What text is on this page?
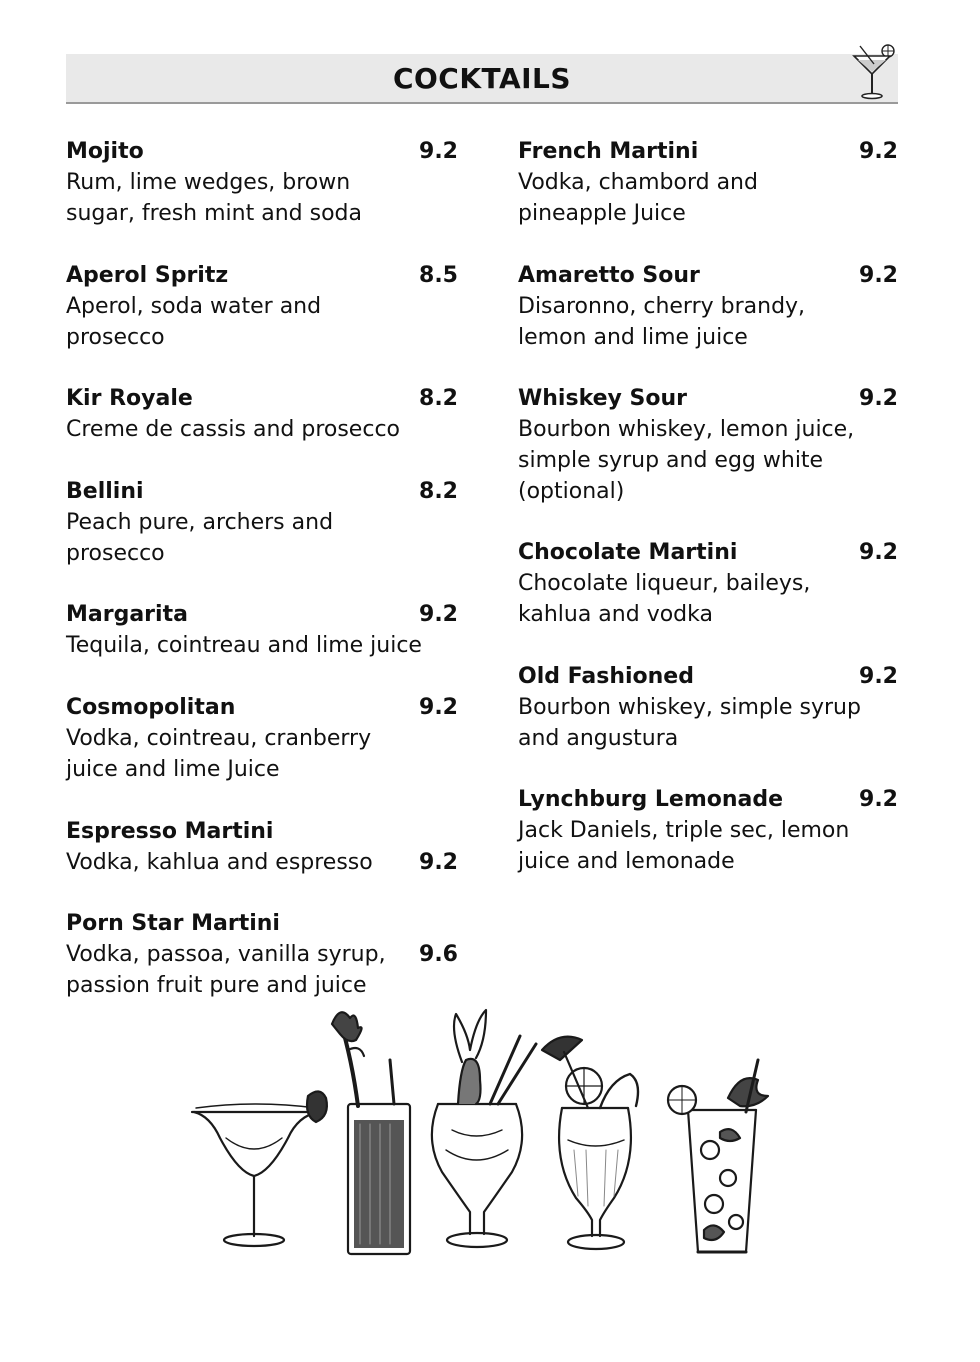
COCKTAILS
Mojito	9.2
Rum, lime wedges, brown sugar, fresh mint and soda
Aperol Spritz	8.5
Aperol, soda water and prosecco
Kir Royale	8.2
Creme de cassis and prosecco
Bellini	8.2
Peach pure, archers and prosecco
Margarita	9.2
Tequila, cointreau and lime juice
Cosmopolitan	9.2
Vodka, cointreau, cranberry juice and lime Juice
Espresso Martini
9.2
Vodka, kahlua and espresso
Porn Star Martini
9.6
Vodka, passoa, vanilla syrup, passion fruit pure and juice
French Martini	9.2
Vodka, chambord and pineapple Juice
Amaretto Sour	9.2
Disaronno, cherry brandy, lemon and lime juice
Whiskey Sour	9.2
Bourbon whiskey, lemon juice, simple syrup and egg white (optional)
Chocolate Martini	9.2
Chocolate liqueur, baileys, kahlua and vodka
Old Fashioned	9.2
Bourbon whiskey, simple syrup and angustura
Lynchburg Lemonade	9.2
Jack Daniels, triple sec, lemon juice and lemonade
